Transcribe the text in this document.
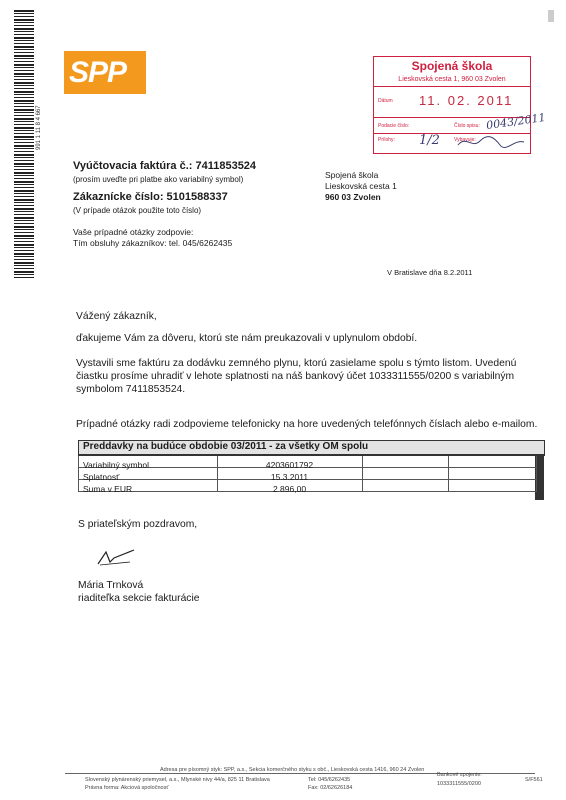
991 1 11 8 4 667
SPP	Spojená škola
Lieskovská cesta 1, 960 03 Zvolen
Dátum 11. 02. 2011
Podacie číslo:	Číslo spisu:
Prílohy:	Vybavuje:
0043/2011
1/2
Vyúčtovacia faktúra č.: 7411853524
(prosím uveďte pri platbe ako variabilný symbol)
Zákaznícke číslo: 5101588337
(V prípade otázok použite toto číslo)
Vaše prípadné otázky zodpovie:
Tím obsluhy zákazníkov: tel. 045/6262435
Spojená škola
Lieskovská cesta 1
960 03 Zvolen
V Bratislave dňa 8.2.2011
Vážený zákazník,
ďakujeme Vám za dôveru, ktorú ste nám preukazovali v uplynulom období.
Vystavili sme faktúru za dodávku zemného plynu, ktorú zasielame spolu s týmto listom. Uvedenú čiastku prosíme uhradiť v lehote splatnosti na náš bankový účet 1033311555/0200 s variabilným symbolom 7411853524.
Prípadné otázky radi zodpovieme telefonicky na hore uvedených telefónnych číslach alebo e-mailom.
Preddavky na budúce obdobie 03/2011 - za všetky OM spolu
Variabilný symbol	4203601792
Splatnosť	15.3.2011
Suma v EUR	2 896,00
S priateľským pozdravom,
Mária Trnková
riaditeľka sekcie fakturácie
Adresa pre písomný styk: SPP, a.s., Sekcia komerčného styku s obč., Lieskovská cesta 1416, 960 24 Zvolen
Slovenský plynárenský priemysel, a.s., Mlynské nivy 44/a, 825 11 Bratislava
Právna forma: Akciová spoločnosť
Tel: 045/6262435
Fax: 02/62626184
Bankové spojenie:
1033311555/0200
S/F561
